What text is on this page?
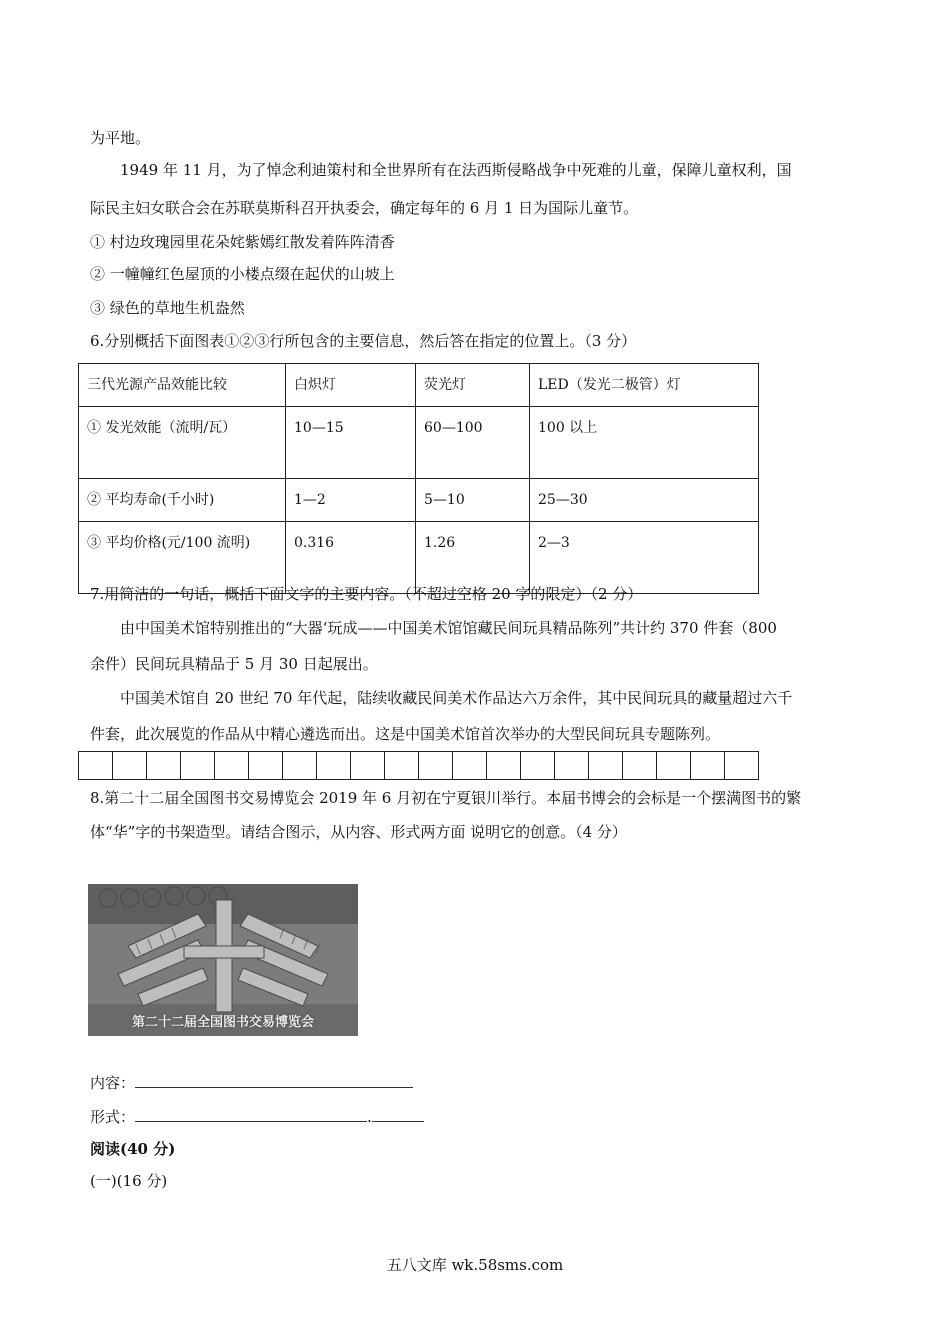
为平地。
1949 年 11 月，为了悼念利迪策村和全世界所有在法西斯侵略战争中死难的儿童，保障儿童权利，国
际民主妇女联合会在苏联莫斯科召开执委会，确定每年的 6 月 1 日为国际儿童节。
① 村边玫瑰园里花朵姹紫嫣红散发着阵阵清香
② 一幢幢红色屋顶的小楼点缀在起伏的山坡上
③ 绿色的草地生机盎然
6.分别概括下面图表①②③行所包含的主要信息，然后答在指定的位置上。（3 分）
三代光源产品效能比较	白炽灯	荧光灯	LED（发光二极管）灯
① 发光效能（流明/瓦）	10—15	60—100	100 以上
② 平均寿命(千小时)	1—2	5—10	25—30
③ 平均价格(元/100 流明)	0.316	1.26	2—3
7.用简洁的一句话，概括下面文字的主要内容。（不超过空格 20 字的限定）（2 分）
由中国美术馆特别推出的“大器‘玩成——中国美术馆馆藏民间玩具精品陈列”共计约 370 件套（800
余件）民间玩具精品于 5 月 30 日起展出。
中国美术馆自 20 世纪 70 年代起，陆续收藏民间美术作品达六万余件，其中民间玩具的藏量超过六千
件套，此次展览的作品从中精心遴选而出。这是中国美术馆首次举办的大型民间玩具专题陈列。
8.第二十二届全国图书交易博览会 2019 年 6 月初在宁夏银川举行。本届书博会的会标是一个摆满图书的繁
体“华”字的书架造型。请结合图示，从内容、形式两方面 说明它的创意。（4 分）
第二十二届全国图书交易博览会
内容：
形式：	.
阅读(40 分)
(一)(16 分)
五八文库 wk.58sms.com
